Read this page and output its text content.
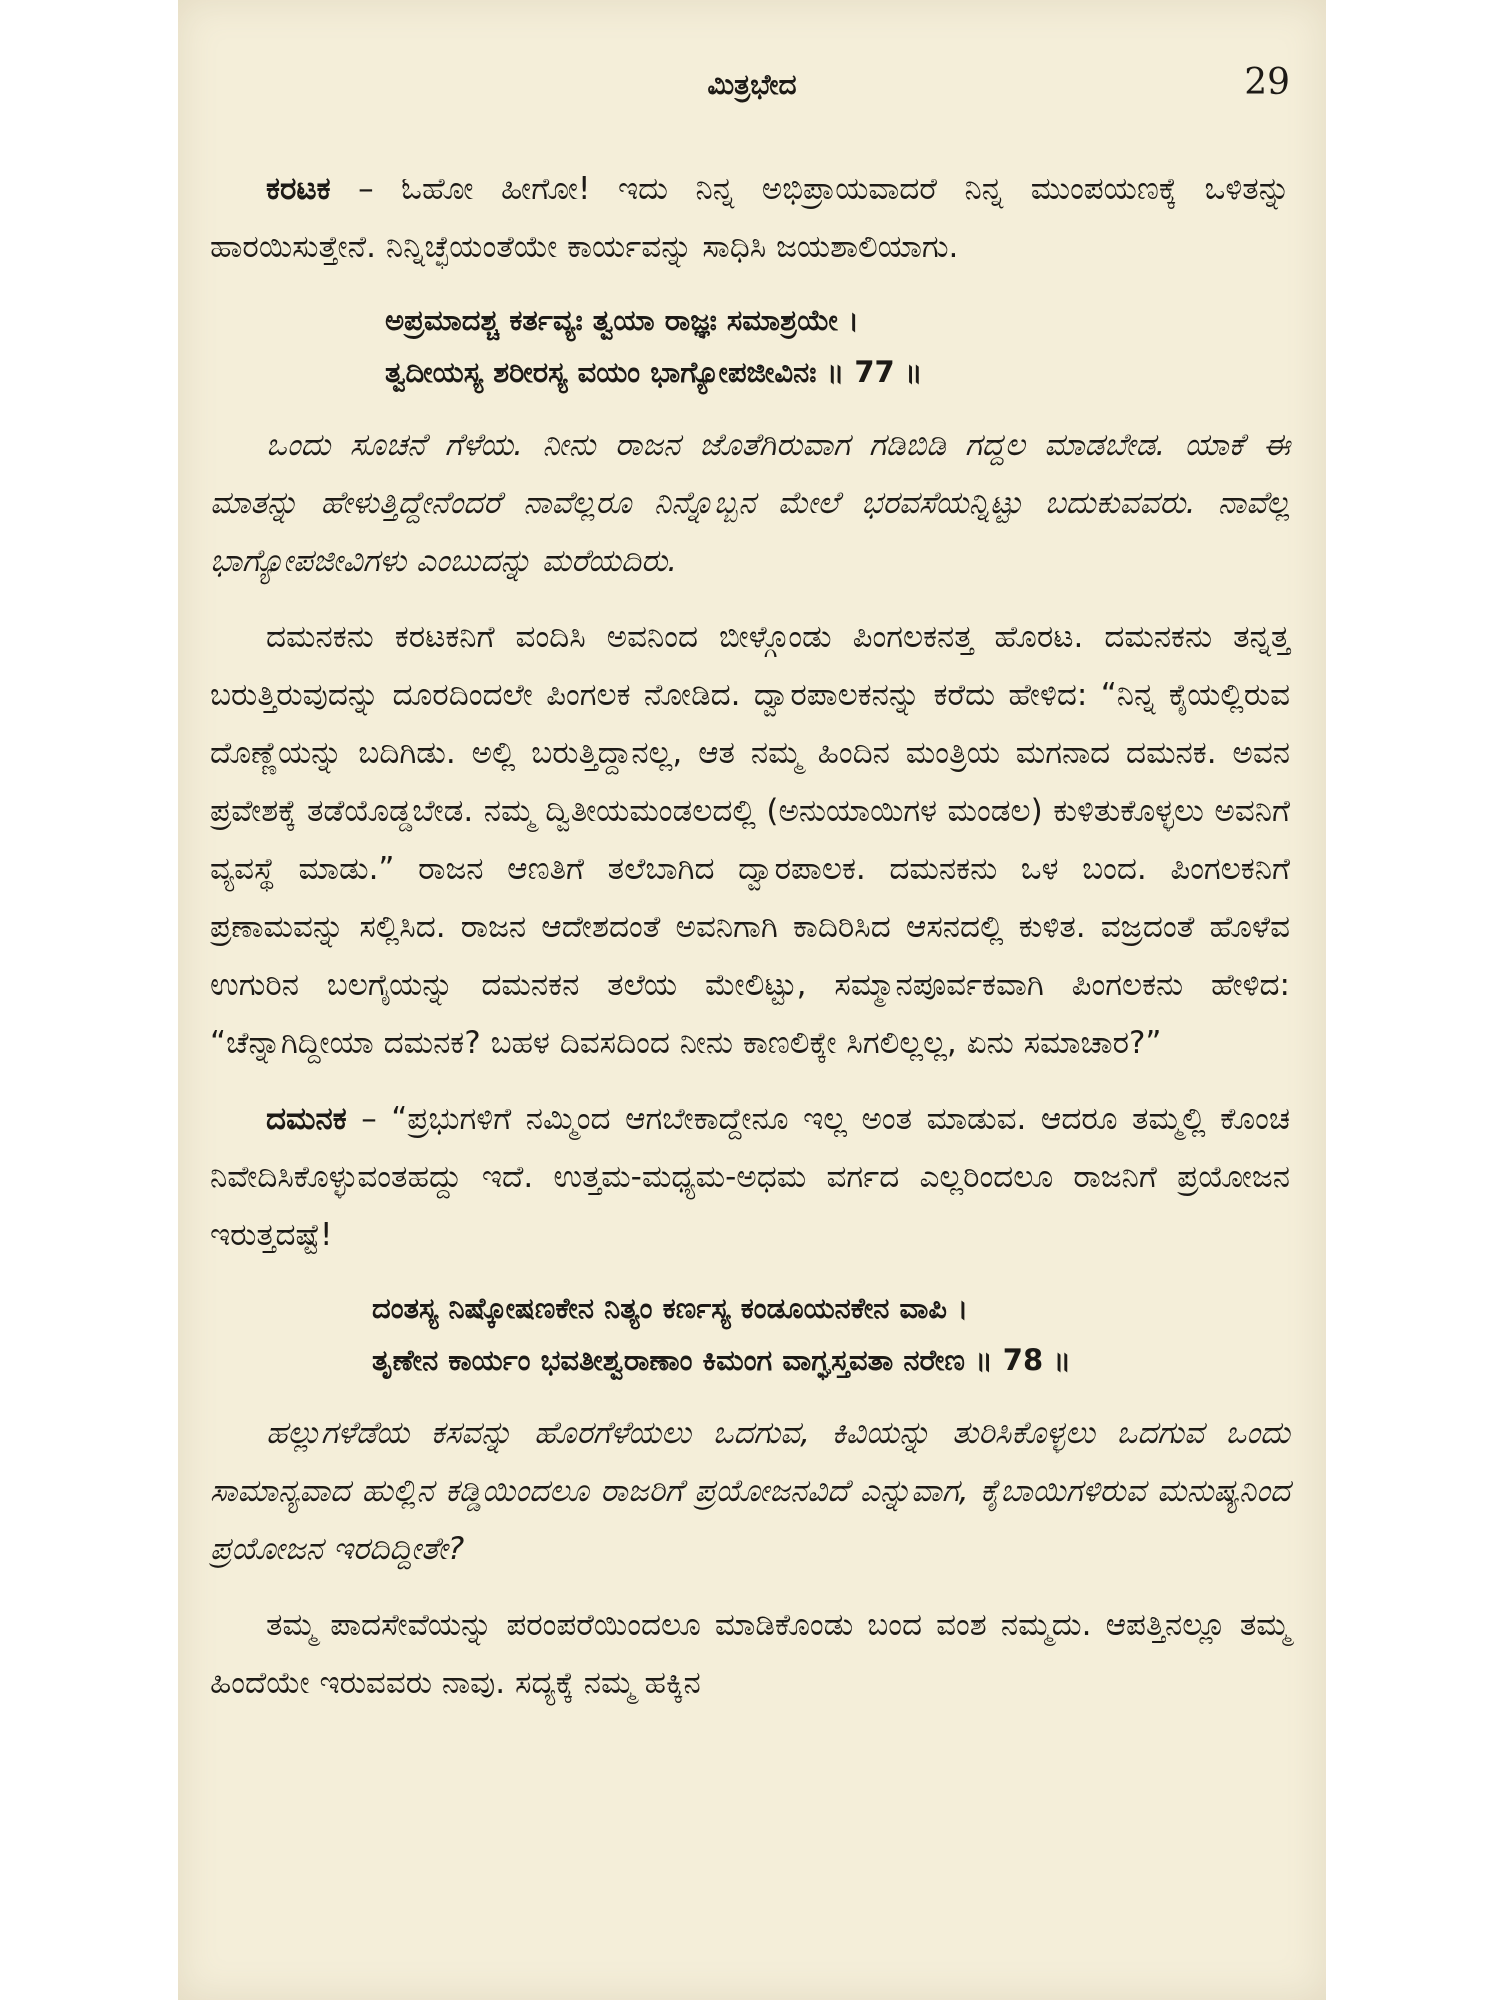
ಮಿತ್ರಭೇದ	29

ಕರಟಕ – ಓಹೋ ಹೀಗೋ! ಇದು ನಿನ್ನ ಅಭಿಪ್ರಾಯವಾದರೆ ನಿನ್ನ ಮುಂಪಯಣಕ್ಕೆ ಒಳಿತನ್ನು ಹಾರಯಿಸುತ್ತೇನೆ. ನಿನ್ನಿಚ್ಛೆಯಂತೆಯೇ ಕಾರ್ಯವನ್ನು ಸಾಧಿಸಿ ಜಯಶಾಲಿಯಾಗು.

ಅಪ್ರಮಾದಶ್ಚ ಕರ್ತವ್ಯಃ ತ್ವಯಾ ರಾಜ್ಞಃ ಸಮಾಶ್ರಯೇ ।
ತ್ವದೀಯಸ್ಯ ಶರೀರಸ್ಯ ವಯಂ ಭಾಗ್ಯೋಪಜೀವಿನಃ ॥ 77 ॥

ಒಂದು ಸೂಚನೆ ಗೆಳೆಯ. ನೀನು ರಾಜನ ಜೊತೆಗಿರುವಾಗ ಗಡಿಬಿಡಿ ಗದ್ದಲ ಮಾಡಬೇಡ. ಯಾಕೆ ಈ ಮಾತನ್ನು ಹೇಳುತ್ತಿದ್ದೇನೆಂದರೆ ನಾವೆಲ್ಲರೂ ನಿನ್ನೊಬ್ಬನ ಮೇಲೆ ಭರವಸೆಯನ್ನಿಟ್ಟು ಬದುಕುವವರು. ನಾವೆಲ್ಲ ಭಾಗ್ಯೋಪಜೀವಿಗಳು ಎಂಬುದನ್ನು ಮರೆಯದಿರು.

ದಮನಕನು ಕರಟಕನಿಗೆ ವಂದಿಸಿ ಅವನಿಂದ ಬೀಳ್ಗೊಂಡು ಪಿಂಗಲಕನತ್ತ ಹೊರಟ. ದಮನಕನು ತನ್ನತ್ತ ಬರುತ್ತಿರುವುದನ್ನು ದೂರದಿಂದಲೇ ಪಿಂಗಲಕ ನೋಡಿದ. ದ್ವಾರಪಾಲಕನನ್ನು ಕರೆದು ಹೇಳಿದ: “ನಿನ್ನ ಕೈಯಲ್ಲಿರುವ ದೊಣ್ಣೆಯನ್ನು ಬದಿಗಿಡು. ಅಲ್ಲಿ ಬರುತ್ತಿದ್ದಾನಲ್ಲ, ಆತ ನಮ್ಮ ಹಿಂದಿನ ಮಂತ್ರಿಯ ಮಗನಾದ ದಮನಕ. ಅವನ ಪ್ರವೇಶಕ್ಕೆ ತಡೆಯೊಡ್ಡಬೇಡ. ನಮ್ಮ ದ್ವಿತೀಯಮಂಡಲದಲ್ಲಿ (ಅನುಯಾಯಿಗಳ ಮಂಡಲ) ಕುಳಿತುಕೊಳ್ಳಲು ಅವನಿಗೆ ವ್ಯವಸ್ಥೆ ಮಾಡು.” ರಾಜನ ಆಣತಿಗೆ ತಲೆಬಾಗಿದ ದ್ವಾರಪಾಲಕ. ದಮನಕನು ಒಳ ಬಂದ. ಪಿಂಗಲಕನಿಗೆ ಪ್ರಣಾಮವನ್ನು ಸಲ್ಲಿಸಿದ. ರಾಜನ ಆದೇಶದಂತೆ ಅವನಿಗಾಗಿ ಕಾದಿರಿಸಿದ ಆಸನದಲ್ಲಿ ಕುಳಿತ. ವಜ್ರದಂತೆ ಹೊಳೆವ ಉಗುರಿನ ಬಲಗೈಯನ್ನು ದಮನಕನ ತಲೆಯ ಮೇಲಿಟ್ಟು, ಸಮ್ಮಾನಪೂರ್ವಕವಾಗಿ ಪಿಂಗಲಕನು ಹೇಳಿದ: “ಚೆನ್ನಾಗಿದ್ದೀಯಾ ದಮನಕ? ಬಹಳ ದಿವಸದಿಂದ ನೀನು ಕಾಣಲಿಕ್ಕೇ ಸಿಗಲಿಲ್ಲಲ್ಲ, ಏನು ಸಮಾಚಾರ?”

ದಮನಕ – “ಪ್ರಭುಗಳಿಗೆ ನಮ್ಮಿಂದ ಆಗಬೇಕಾದ್ದೇನೂ ಇಲ್ಲ ಅಂತ ಮಾಡುವ. ಆದರೂ ತಮ್ಮಲ್ಲಿ ಕೊಂಚ ನಿವೇದಿಸಿಕೊಳ್ಳುವಂತಹದ್ದು ಇದೆ. ಉತ್ತಮ-ಮಧ್ಯಮ-ಅಧಮ ವರ್ಗದ ಎಲ್ಲರಿಂದಲೂ ರಾಜನಿಗೆ ಪ್ರಯೋಜನ ಇರುತ್ತದಷ್ಟೆ!

ದಂತಸ್ಯ ನಿಷ್ಕೋಷಣಕೇನ ನಿತ್ಯಂ ಕರ್ಣಸ್ಯ ಕಂಡೂಯನಕೇನ ವಾಪಿ ।
ತೃಣೇನ ಕಾರ್ಯಂ ಭವತೀಶ್ವರಾಣಾಂ ಕಿಮಂಗ ವಾಗ್ಘಸ್ತವತಾ ನರೇಣ ॥ 78 ॥

ಹಲ್ಲುಗಳೆಡೆಯ ಕಸವನ್ನು ಹೊರಗೆಳೆಯಲು ಒದಗುವ, ಕಿವಿಯನ್ನು ತುರಿಸಿಕೊಳ್ಳಲು ಒದಗುವ ಒಂದು ಸಾಮಾನ್ಯವಾದ ಹುಲ್ಲಿನ ಕಡ್ಡಿಯಿಂದಲೂ ರಾಜರಿಗೆ ಪ್ರಯೋಜನವಿದೆ ಎನ್ನುವಾಗ, ಕೈಬಾಯಿಗಳಿರುವ ಮನುಷ್ಯನಿಂದ ಪ್ರಯೋಜನ ಇರದಿದ್ದೀತೇ?

ತಮ್ಮ ಪಾದಸೇವೆಯನ್ನು ಪರಂಪರೆಯಿಂದಲೂ ಮಾಡಿಕೊಂಡು ಬಂದ ವಂಶ ನಮ್ಮದು. ಆಪತ್ತಿನಲ್ಲೂ ತಮ್ಮ ಹಿಂದೆಯೇ ಇರುವವರು ನಾವು. ಸದ್ಯಕ್ಕೆ ನಮ್ಮ ಹಕ್ಕಿನ
